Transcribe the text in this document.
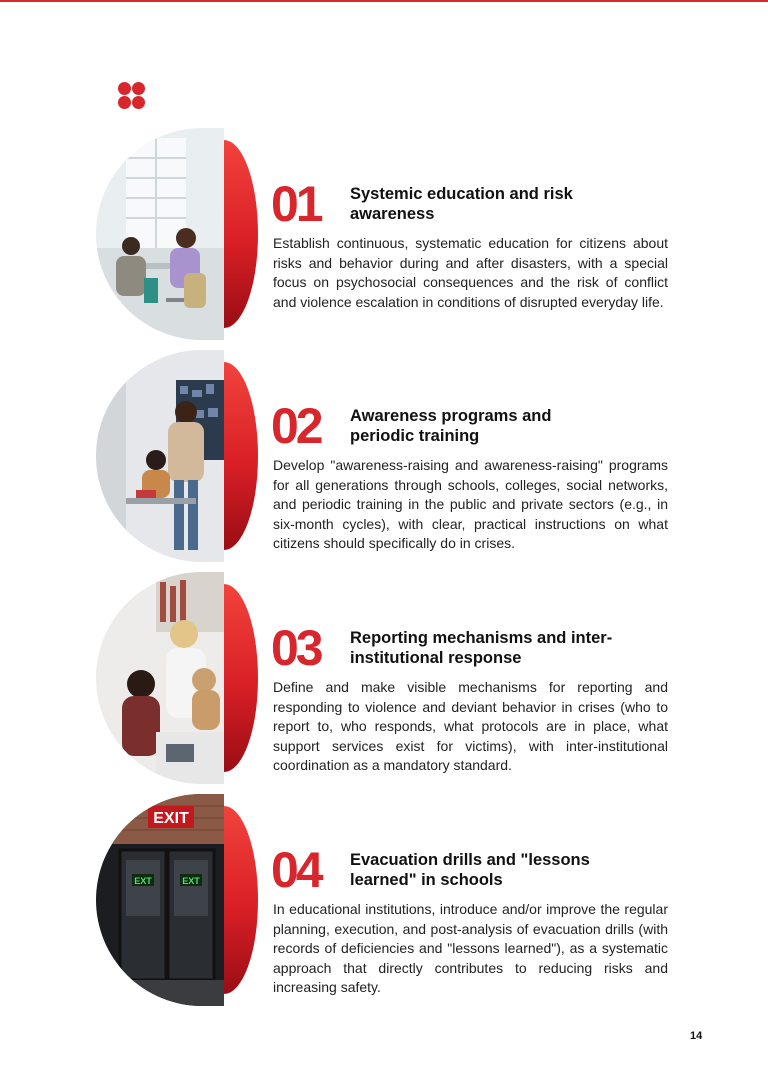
01 Systemic education and risk awareness
Establish continuous, systematic education for citizens about risks and behavior during and after disasters, with a special focus on psychosocial consequences and the risk of conflict and violence escalation in conditions of disrupted everyday life.
02 Awareness programs and periodic training
Develop "awareness-raising and awareness-raising" programs for all generations through schools, colleges, social networks, and periodic training in the public and private sectors (e.g., in six-month cycles), with clear, practical instructions on what citizens should specifically do in crises.
03 Reporting mechanisms and inter-institutional response
Define and make visible mechanisms for reporting and responding to violence and deviant behavior in crises (who to report to, who responds, what protocols are in place, what support services exist for victims), with inter-institutional coordination as a mandatory standard.
EXIT
EXT	EXT 04 Evacuation drills and "lessons learned" in schools
In educational institutions, introduce and/or improve the regular planning, execution, and post-analysis of evacuation drills (with records of deficiencies and "lessons learned"), as a systematic approach that directly contributes to reducing risks and increasing safety.
14
